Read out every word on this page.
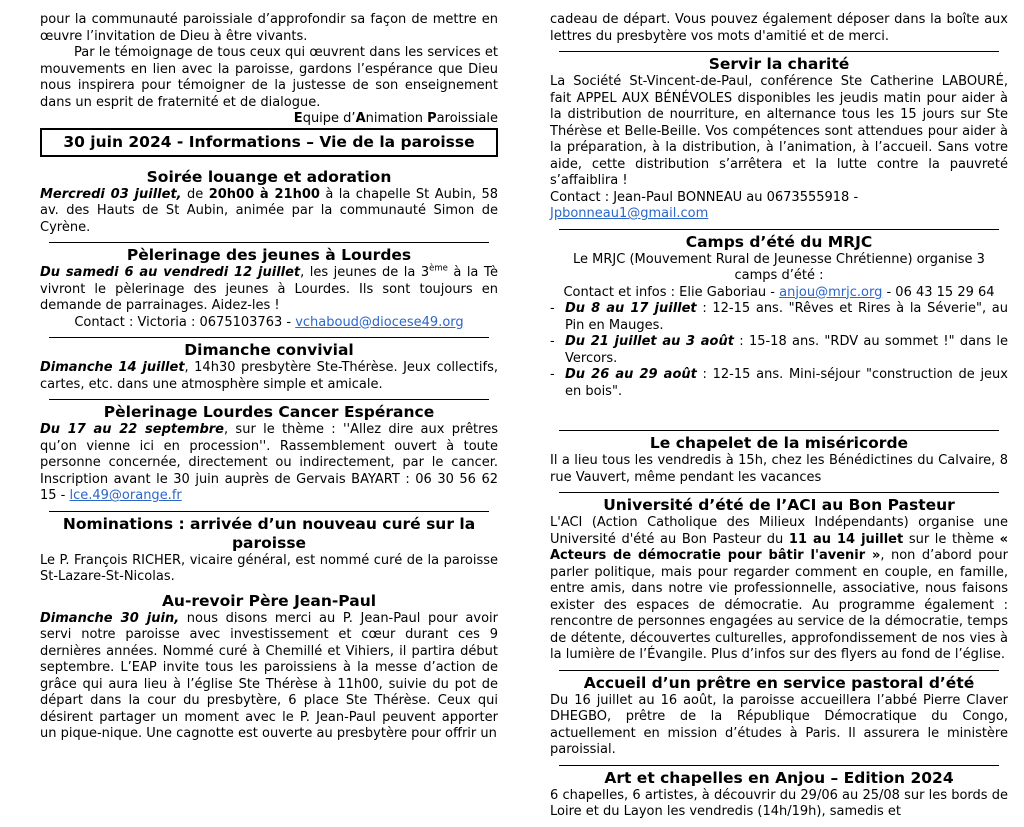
pour la communauté paroissiale d’approfondir sa façon de mettre en œuvre l’invitation de Dieu à être vivants.

Par le témoignage de tous ceux qui œuvrent dans les services et mouvements en lien avec la paroisse, gardons l’espérance que Dieu nous inspirera pour témoigner de la justesse de son enseignement dans un esprit de fraternité et de dialogue.

Equipe d’Animation Paroissiale

30 juin 2024 - Informations – Vie de la paroisse
Soirée louange et adoration

Mercredi 03 juillet, de 20h00 à 21h00 à la chapelle St Aubin, 58 av. des Hauts de St Aubin, animée par la communauté Simon de Cyrène.

Pèlerinage des jeunes à Lourdes

Du samedi 6 au vendredi 12 juillet, les jeunes de la 3ème à la Tè vivront le pèlerinage des jeunes à Lourdes. Ils sont toujours en demande de parrainages. Aidez-les !

Contact : Victoria : 0675103763 - vchaboud@diocese49.org

Dimanche convivial

Dimanche 14 juillet, 14h30 presbytère Ste-Thérèse. Jeux collectifs, cartes, etc. dans une atmosphère simple et amicale.

Pèlerinage Lourdes Cancer Espérance

Du 17 au 22 septembre, sur le thème : ''Allez dire aux prêtres qu’on vienne ici en procession''. Rassemblement ouvert à toute personne concernée, directement ou indirectement, par le cancer. Inscription avant le 30 juin auprès de Gervais BAYART : 06 30 56 62 15 - lce.49@orange.fr

Nominations : arrivée d’un nouveau curé sur la paroisse

Le P. François RICHER, vicaire général, est nommé curé de la paroisse St-Lazare-St-Nicolas.

Au-revoir Père Jean-Paul

Dimanche 30 juin, nous disons merci au P. Jean-Paul pour avoir servi notre paroisse avec investissement et cœur durant ces 9 dernières années. Nommé curé à Chemillé et Vihiers, il partira début septembre. L’EAP invite tous les paroissiens à la messe d’action de grâce qui aura lieu à l’église Ste Thérèse à 11h00, suivie du pot de départ dans la cour du presbytère, 6 place Ste Thérèse. Ceux qui désirent partager un moment avec le P. Jean-Paul peuvent apporter un pique-nique. Une cagnotte est ouverte au presbytère pour offrir un

cadeau de départ. Vous pouvez également déposer dans la boîte aux lettres du presbytère vos mots d'amitié et de merci.

Servir la charité

La Société St-Vincent-de-Paul, conférence Ste Catherine LABOURÉ, fait APPEL AUX BÉNÉVOLES disponibles les jeudis matin pour aider à la distribution de nourriture, en alternance tous les 15 jours sur Ste Thérèse et Belle-Beille. Vos compétences sont attendues pour aider à la préparation, à la distribution, à l’animation, à l’accueil. Sans votre aide, cette distribution s’arrêtera et la lutte contre la pauvreté s’affaiblira !

Contact : Jean-Paul BONNEAU au 0673555918 - Jpbonneau1@gmail.com

Camps d’été du MRJC

Le MRJC (Mouvement Rural de Jeunesse Chrétienne) organise 3 camps d’été :

Contact et infos : Elie Gaboriau - anjou@mrjc.org - 06 43 15 29 64

- Du 8 au 17 juillet : 12-15 ans. "Rêves et Rires à la Séverie", au Pin en Mauges.
- Du 21 juillet au 3 août : 15-18 ans. "RDV au sommet !" dans le Vercors.
- Du 26 au 29 août : 12-15 ans. Mini-séjour "construction de jeux en bois".
Le chapelet de la miséricorde

Il a lieu tous les vendredis à 15h, chez les Bénédictines du Calvaire, 8 rue Vauvert, même pendant les vacances

Université d’été de l’ACI au Bon Pasteur

L'ACI (Action Catholique des Milieux Indépendants) organise une Université d'été au Bon Pasteur du 11 au 14 juillet sur le thème « Acteurs de démocratie pour bâtir l'avenir », non d’abord pour parler politique, mais pour regarder comment en couple, en famille, entre amis, dans notre vie professionnelle, associative, nous faisons exister des espaces de démocratie. Au programme également : rencontre de personnes engagées au service de la démocratie, temps de détente, découvertes culturelles, approfondissement de nos vies à la lumière de l’Évangile. Plus d’infos sur des flyers au fond de l’église.

Accueil d’un prêtre en service pastoral d’été

Du 16 juillet au 16 août, la paroisse accueillera l’abbé Pierre Claver DHEGBO, prêtre de la République Démocratique du Congo, actuellement en mission d’études à Paris. Il assurera le ministère paroissial.

Art et chapelles en Anjou – Edition 2024

6 chapelles, 6 artistes, à découvrir du 29/06 au 25/08 sur les bords de Loire et du Layon les vendredis (14h/19h), samedis et
